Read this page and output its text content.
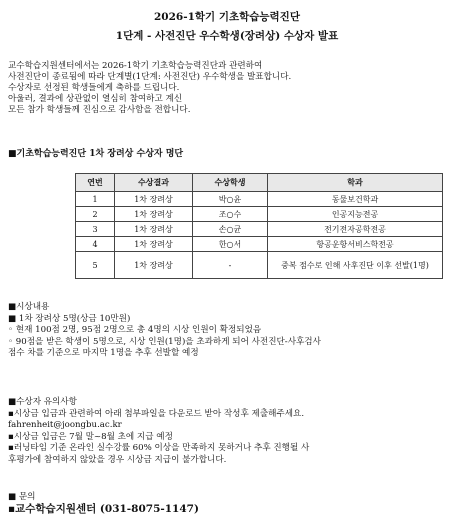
2026-1학기 기초학습능력진단
1단계 - 사전진단 우수학생(장려상) 수상자 발표
교수학습지원센터에서는 2026-1학기 기초학습능력진단과 관련하여
사전진단이 종료됨에 따라 단계별(1단계: 사전진단) 우수학생을 발표합니다.
수상자로 선정된 학생들에게 축하를 드립니다.
아울러, 결과에 상관없이 열심히 참여하고 계신
모든 참가 학생들께 진심으로 감사함을 전합니다.
■기초학습능력진단 1차 장려상 수상자 명단
연번	수상결과	수상학생	학과
1	1차 장려상	박○윤	동물보건학과
2	1차 장려상	조○수	인공지능전공
3	1차 장려상	손○균	전기전자공학전공
4	1차 장려상	한○서	항공운항서비스학전공
5	1차 장려상	-	중복 점수로 인해 사후진단 이후 선발(1명)
■시상내용
■ 1차 장려상 5명(상금 10만원)
◦ 현재 100점 2명, 95점 2명으로 총 4명의 시상 인원이 확정되었음
◦ 90점을 받은 학생이 5명으로, 시상 인원(1명)을 초과하게 되어 사전진단-사후검사
점수 차를 기준으로 마지막 1명을 추후 선발할 예정
■수상자 유의사항
▪시상금 입금과 관련하여 아래 첨부파일을 다운로드 받아 작성후 제출해주세요.
fahrenheit@joongbu.ac.kr
▪시상금 입금은 7월 말~8월 초에 지급 예정
▪러닝타임 기준 온라인 실수강률 60% 이상을 만족하지 못하거나 추후 진행될 사
후평가에 참여하지 않았을 경우 시상금 지급이 불가합니다.
■ 문의
▪교수학습지원센터 (031-8075-1147)
